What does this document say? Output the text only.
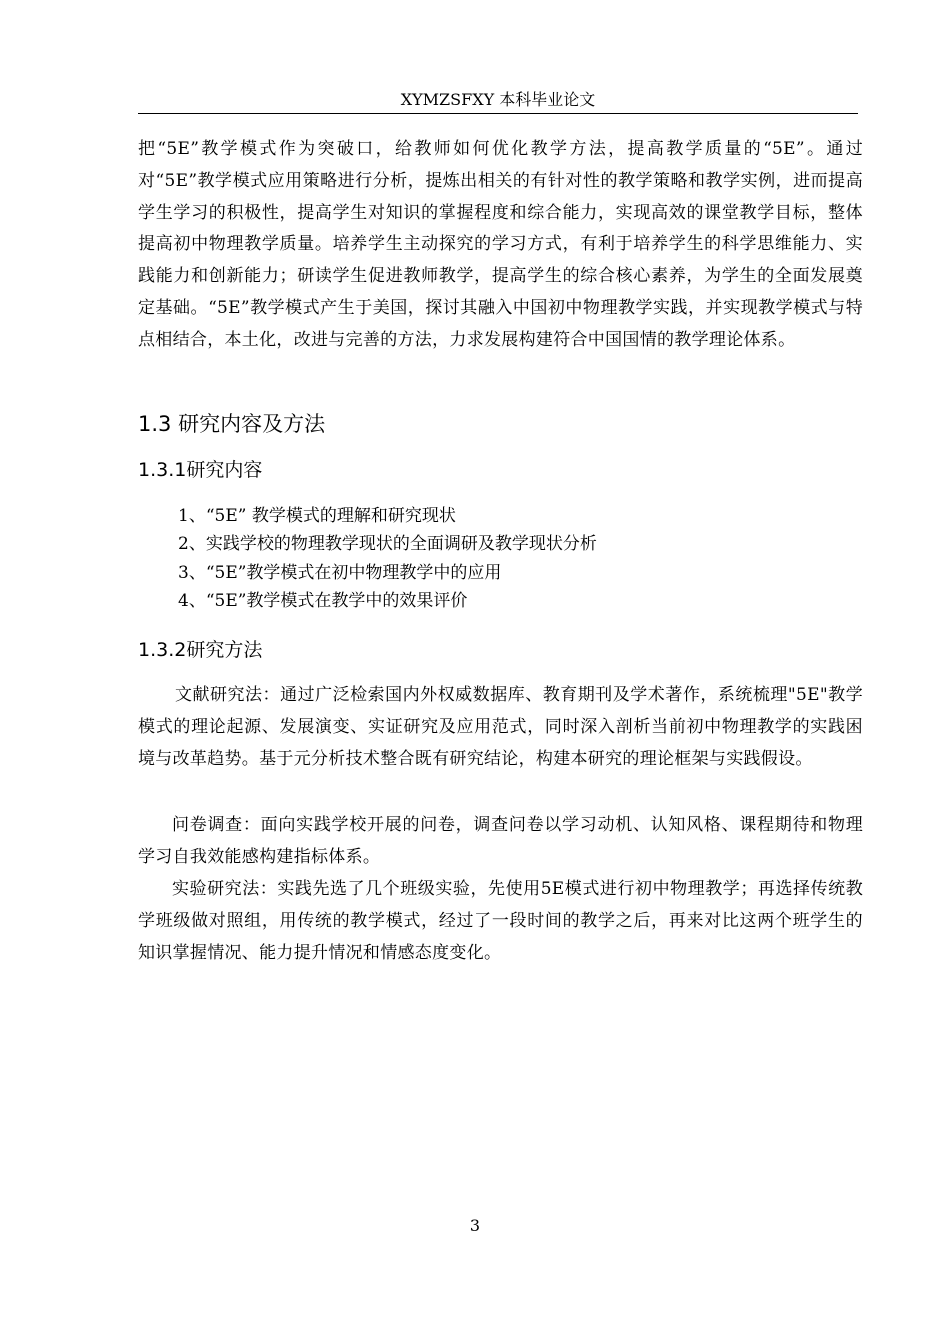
XYMZSFXY 本科毕业论文

把“5E”教学模式作为突破口，给教师如何优化教学方法，提高教学质量的“5E”。通过对“5E”教学模式应用策略进行分析，提炼出相关的有针对性的教学策略和教学实例，进而提高学生学习的积极性，提高学生对知识的掌握程度和综合能力，实现高效的课堂教学目标，整体提高初中物理教学质量。培养学生主动探究的学习方式，有利于培养学生的科学思维能力、实践能力和创新能力；研读学生促进教师教学，提高学生的综合核心素养，为学生的全面发展奠定基础。“5E”教学模式产生于美国，探讨其融入中国初中物理教学实践，并实现教学模式与特点相结合，本土化，改进与完善的方法，力求发展构建符合中国国情的教学理论体系。

1.3 研究内容及方法
1.3.1研究内容

1、“5E” 教学模式的理解和研究现状

2、实践学校的物理教学现状的全面调研及教学现状分析

3、“5E”教学模式在初中物理教学中的应用

4、“5E”教学模式在教学中的效果评价

1.3.2研究方法

文献研究法：通过广泛检索国内外权威数据库、教育期刊及学术著作，系统梳理"5E"教学模式的理论起源、发展演变、实证研究及应用范式，同时深入剖析当前初中物理教学的实践困境与改革趋势。基于元分析技术整合既有研究结论，构建本研究的理论框架与实践假设。

问卷调查：面向实践学校开展的问卷，调查问卷以学习动机、认知风格、课程期待和物理学习自我效能感构建指标体系。

实验研究法：实践先选了几个班级实验，先使用5E模式进行初中物理教学；再选择传统教学班级做对照组，用传统的教学模式，经过了一段时间的教学之后，再来对比这两个班学生的知识掌握情况、能力提升情况和情感态度变化。

3
